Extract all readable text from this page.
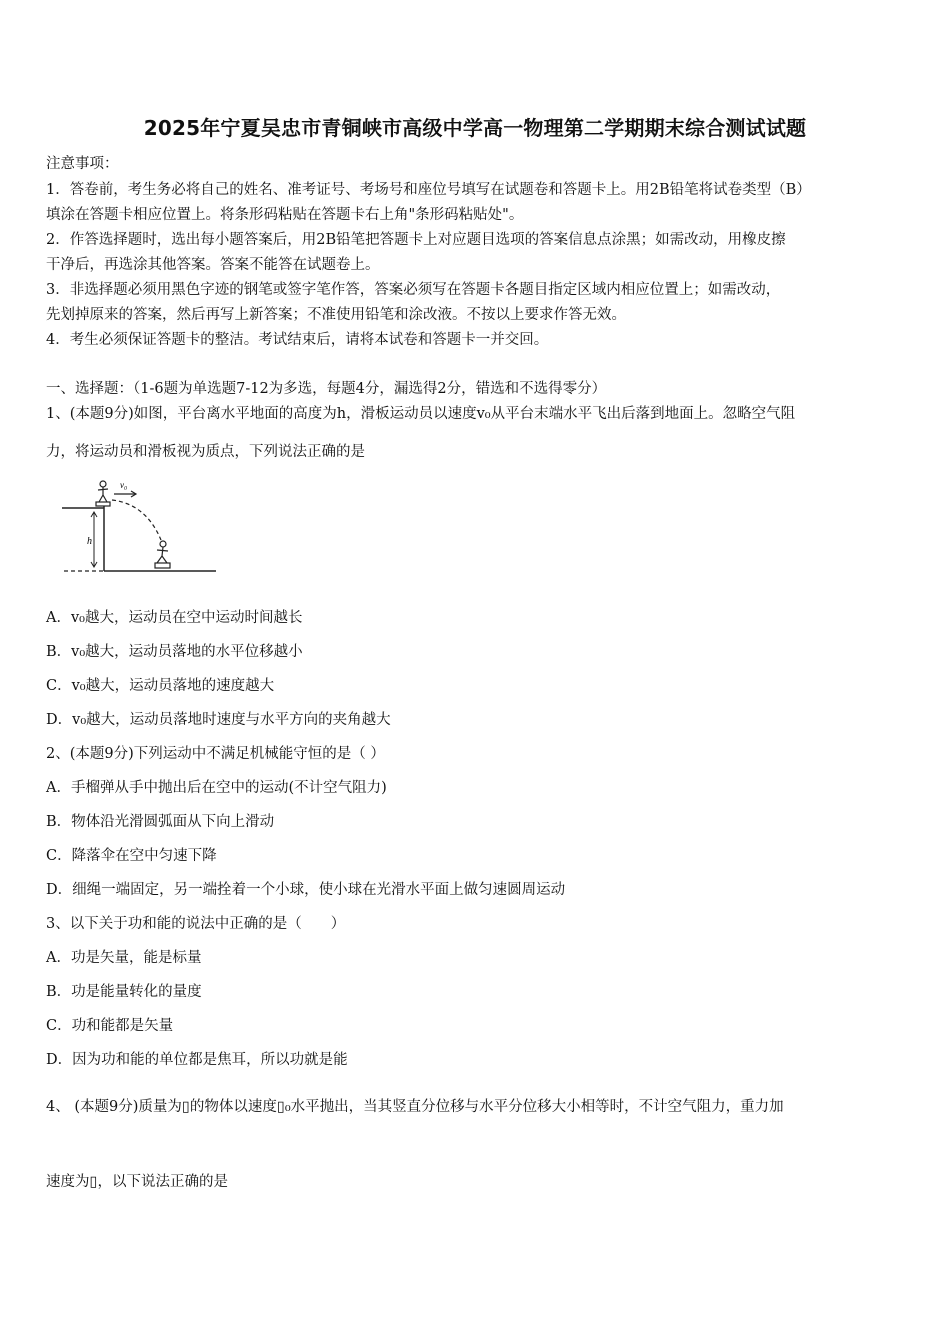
2025年宁夏吴忠市青铜峡市高级中学高一物理第二学期期末综合测试试题
注意事项：
1．答卷前，考生务必将自己的姓名、准考证号、考场号和座位号填写在试题卷和答题卡上。用2B铅笔将试卷类型（B）
填涂在答题卡相应位置上。将条形码粘贴在答题卡右上角"条形码粘贴处"。
2．作答选择题时，选出每小题答案后，用2B铅笔把答题卡上对应题目选项的答案信息点涂黑；如需改动，用橡皮擦
干净后，再选涂其他答案。答案不能答在试题卷上。
3．非选择题必须用黑色字迹的钢笔或签字笔作答，答案必须写在答题卡各题目指定区域内相应位置上；如需改动，
先划掉原来的答案，然后再写上新答案；不准使用铅笔和涂改液。不按以上要求作答无效。
4．考生必须保证答题卡的整洁。考试结束后，请将本试卷和答题卡一并交回。
一、选择题：（1-6题为单选题7-12为多选，每题4分，漏选得2分，错选和不选得零分）
1、(本题9分)如图，平台离水平地面的高度为h，滑板运动员以速度v₀从平台末端水平飞出后落到地面上。忽略空气阻
力，将运动员和滑板视为质点，下列说法正确的是
h
v₀
A．v₀越大，运动员在空中运动时间越长
B．v₀越大，运动员落地的水平位移越小
C．v₀越大，运动员落地的速度越大
D．v₀越大，运动员落地时速度与水平方向的夹角越大
2、(本题9分)下列运动中不满足机械能守恒的是（ ）
A．手榴弹从手中抛出后在空中的运动(不计空气阻力)
B．物体沿光滑圆弧面从下向上滑动
C．降落伞在空中匀速下降
D．细绳一端固定，另一端拴着一个小球，使小球在光滑水平面上做匀速圆周运动
3、以下关于功和能的说法中正确的是（　　）
A．功是矢量，能是标量
B．功是能量转化的量度
C．功和能都是矢量
D．因为功和能的单位都是焦耳，所以功就是能
4、 (本题9分)质量为▯的物体以速度▯₀水平抛出，当其竖直分位移与水平分位移大小相等时，不计空气阻力，重力加
速度为▯，以下说法正确的是
